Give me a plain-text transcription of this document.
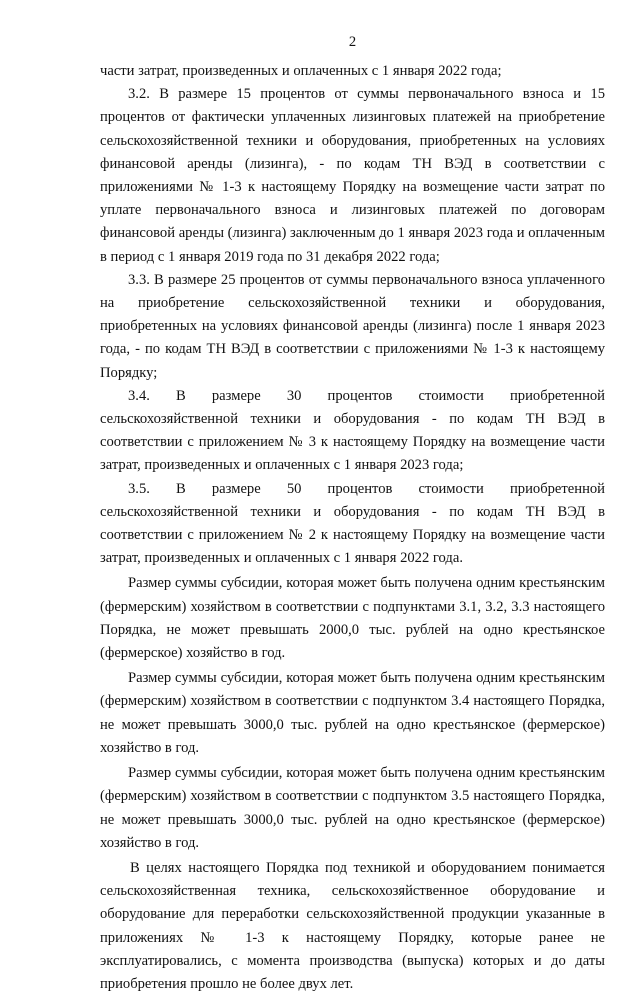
2

части затрат, произведенных и оплаченных с 1 января 2022 года;

3.2. В размере 15 процентов от суммы первоначального взноса и 15 процентов от фактически уплаченных лизинговых платежей на приобретение сельскохозяйственной техники и оборудования, приобретенных на условиях финансовой аренды (лизинга), - по кодам ТН ВЭД в соответствии с приложениями № 1-3 к настоящему Порядку на возмещение части затрат по уплате первоначального взноса и лизинговых платежей по договорам финансовой аренды (лизинга) заключенным до 1 января 2023 года и оплаченным в период с 1 января 2019 года по 31 декабря 2022 года;

3.3. В размере 25 процентов от суммы первоначального взноса уплаченного на приобретение сельскохозяйственной техники и оборудования, приобретенных на условиях финансовой аренды (лизинга) после 1 января 2023 года, - по кодам ТН ВЭД в соответствии с приложениями № 1-3 к настоящему Порядку;

3.4. В размере 30 процентов стоимости приобретенной сельскохозяйственной техники и оборудования - по кодам ТН ВЭД в соответствии с приложением № 3 к настоящему Порядку на возмещение части затрат, произведенных и оплаченных с 1 января 2023 года;

3.5. В размере 50 процентов стоимости приобретенной сельскохозяйственной техники и оборудования - по кодам ТН ВЭД в соответствии с приложением № 2 к настоящему Порядку на возмещение части затрат, произведенных и оплаченных с 1 января 2022 года.

Размер суммы субсидии, которая может быть получена одним крестьянским (фермерским) хозяйством в соответствии с подпунктами 3.1, 3.2, 3.3 настоящего Порядка, не может превышать 2000,0 тыс. рублей на одно крестьянское (фермерское) хозяйство в год.

Размер суммы субсидии, которая может быть получена одним крестьянским (фермерским) хозяйством в соответствии с подпунктом 3.4 настоящего Порядка, не может превышать 3000,0 тыс. рублей на одно крестьянское (фермерское) хозяйство в год.

Размер суммы субсидии, которая может быть получена одним крестьянским (фермерским) хозяйством в соответствии с подпунктом 3.5 настоящего Порядка, не может превышать 3000,0 тыс. рублей на одно крестьянское (фермерское) хозяйство в год.

В целях настоящего Порядка под техникой и оборудованием понимается сельскохозяйственная техника, сельскохозяйственное оборудование и оборудование для переработки сельскохозяйственной продукции указанные в приложениях № 1-3 к настоящему Порядку, которые ранее не эксплуатировались, с момента производства (выпуска) которых и до даты приобретения прошло не более двух лет.
